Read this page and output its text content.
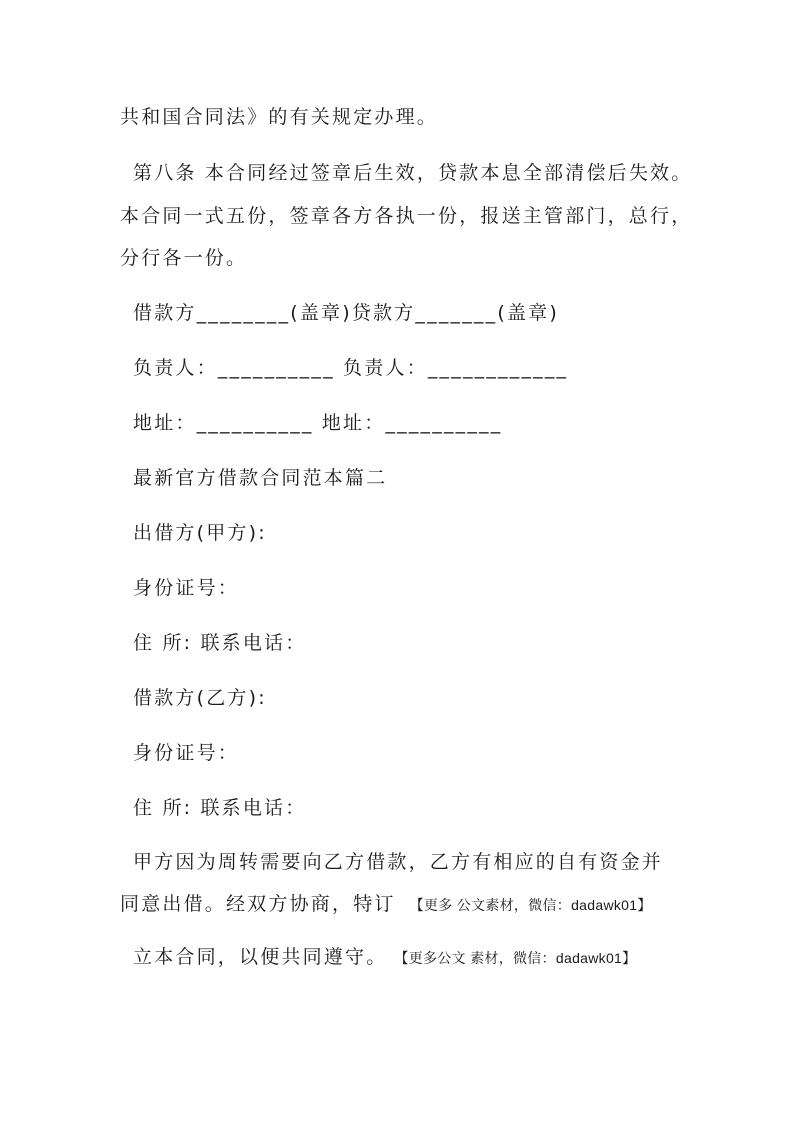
共和国合同法》的有关规定办理。
第八条 本合同经过签章后生效，贷款本息全部清偿后失效。
本合同一式五份，签章各方各执一份，报送主管部门，总行，
分行各一份。
借款方________(盖章)贷款方_______(盖章)
负责人：__________ 负责人：____________
地址：__________ 地址：__________
最新官方借款合同范本篇二
出借方(甲方):
身份证号：
住 所: 联系电话：
借款方(乙方):
身份证号：
住 所: 联系电话：
甲方因为周转需要向乙方借款，乙方有相应的自有资金并
同意出借。经双方协商，特订 【更多 公文素材，微信：dadawk01】
立本合同，以便共同遵守。 【更多公文 素材，微信：dadawk01】
